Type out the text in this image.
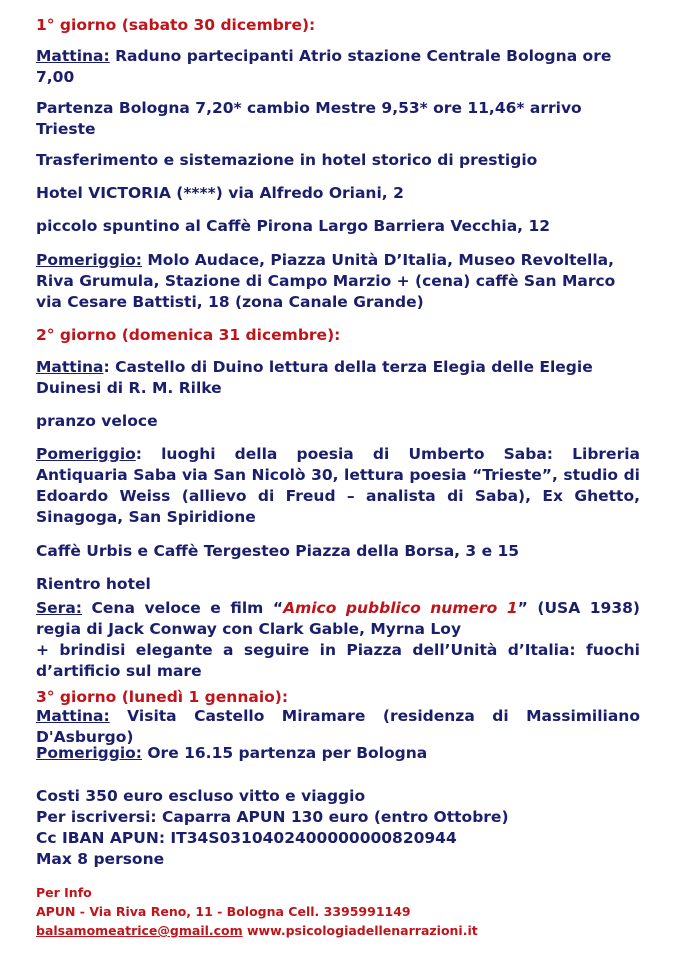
1° giorno (sabato 30 dicembre):
Mattina: Raduno partecipanti Atrio stazione Centrale Bologna ore 7,00
Partenza Bologna 7,20* cambio Mestre 9,53* ore 11,46* arrivo Trieste
Trasferimento e sistemazione in hotel storico di prestigio
Hotel VICTORIA (****) via Alfredo Oriani, 2
piccolo spuntino al Caffè Pirona Largo Barriera Vecchia, 12
Pomeriggio: Molo Audace, Piazza Unità D’Italia, Museo Revoltella, Riva Grumula, Stazione di Campo Marzio + (cena) caffè San Marco via Cesare Battisti, 18 (zona Canale Grande)
2° giorno (domenica 31 dicembre):
Mattina: Castello di Duino lettura della terza Elegia delle Elegie Duinesi di R. M. Rilke
pranzo veloce
Pomeriggio: luoghi della poesia di Umberto Saba: Libreria Antiquaria Saba via San Nicolò 30, lettura poesia “Trieste”, studio di Edoardo Weiss (allievo di Freud – analista di Saba), Ex Ghetto, Sinagoga, San Spiridione
Caffè Urbis e Caffè Tergesteo Piazza della Borsa, 3 e 15
Rientro hotel
Sera: Cena veloce e film “Amico pubblico numero 1” (USA 1938) regia di Jack Conway con Clark Gable, Myrna Loy
+ brindisi elegante a seguire in Piazza dell’Unità d’Italia: fuochi d’artificio sul mare
3° giorno (lunedì 1 gennaio):
Mattina: Visita Castello Miramare (residenza di Massimiliano D'Asburgo)
Pomeriggio: Ore 16.15 partenza per Bologna
Costi 350 euro escluso vitto e viaggio
Per iscriversi: Caparra APUN 130 euro (entro Ottobre)
Cc IBAN APUN: IT34S0310402400000000820944
Max 8 persone
Per Info
APUN - Via Riva Reno, 11 - Bologna Cell. 3395991149
balsamomeatrice@gmail.com www.psicologiadellenarrazioni.it
